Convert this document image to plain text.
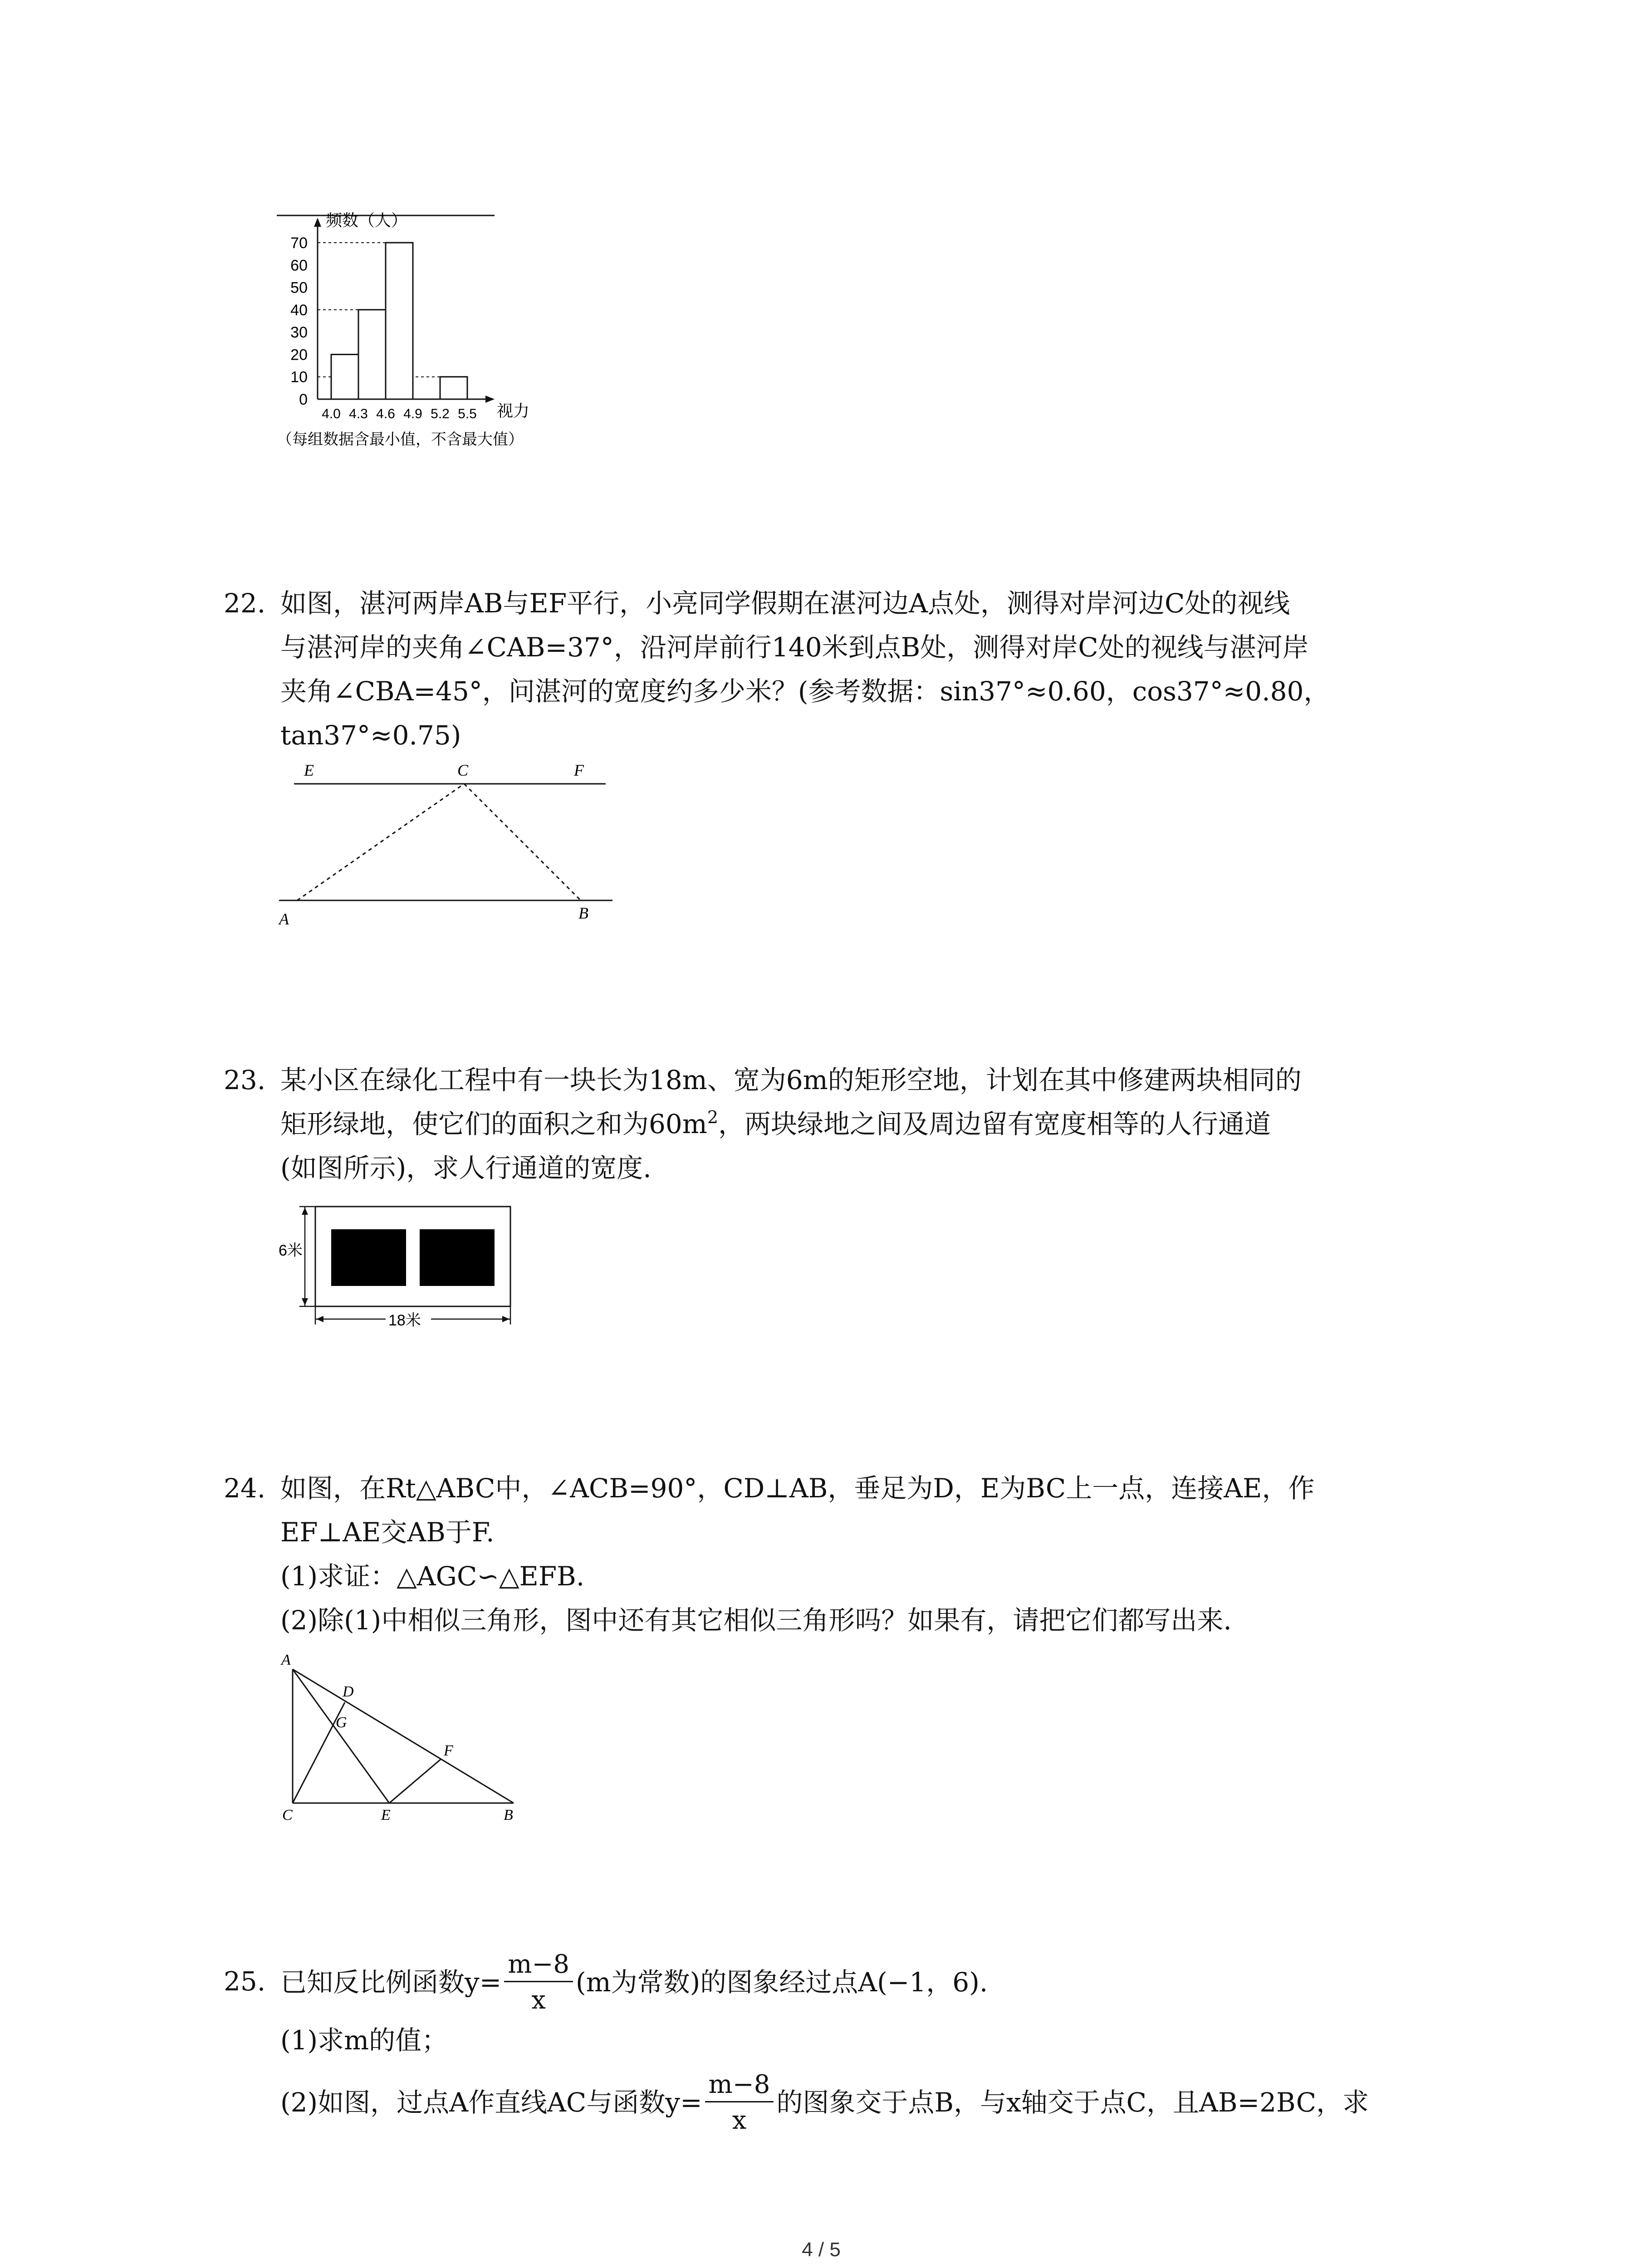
70
60
50
40
30
20
10
0
4.0 4.3 4.6 4.9 5.2 5.5
频数（人）
视力
（每组数据含最小值，不含最大值）
22. 如图，湛河两岸AB与EF平行，小亮同学假期在湛河边A点处，测得对岸河边C处的视线
与湛河岸的夹角∠CAB=37°，沿河岸前行140米到点B处，测得对岸C处的视线与湛河岸
夹角∠CBA=45°，问湛河的宽度约多少米？(参考数据：sin37°≈0.60，cos37°≈0.80，
tan37°≈0.75)
E	C	F
A	B
23. 某小区在绿化工程中有一块长为18m、宽为6m的矩形空地，计划在其中修建两块相同的
矩形绿地，使它们的面积之和为$60m^2$，两块绿地之间及周边留有宽度相等的人行通道
(如图所示)，求人行通道的宽度.
6米
18米
24. 如图，在Rt△ABC中，∠ACB=90°，CD⊥AB，垂足为D，E为BC上一点，连接AE，作
EF⊥AE交AB于F.
(1)求证：△AGC∽△EFB.
(2)除(1)中相似三角形，图中还有其它相似三角形吗？如果有，请把它们都写出来.
A
D
G
F
C	E	B
25. 已知反比例函数$y= \frac{m-8}{x} (m$为常数)的图象经过点A(−1，6).
(1)求m的值；
(2)如图，过点A作直线AC与函数$y= \frac{m-8}{x}$ 的图象交于点B，与x轴交于点C，且AB=2BC，求
4 / 5
